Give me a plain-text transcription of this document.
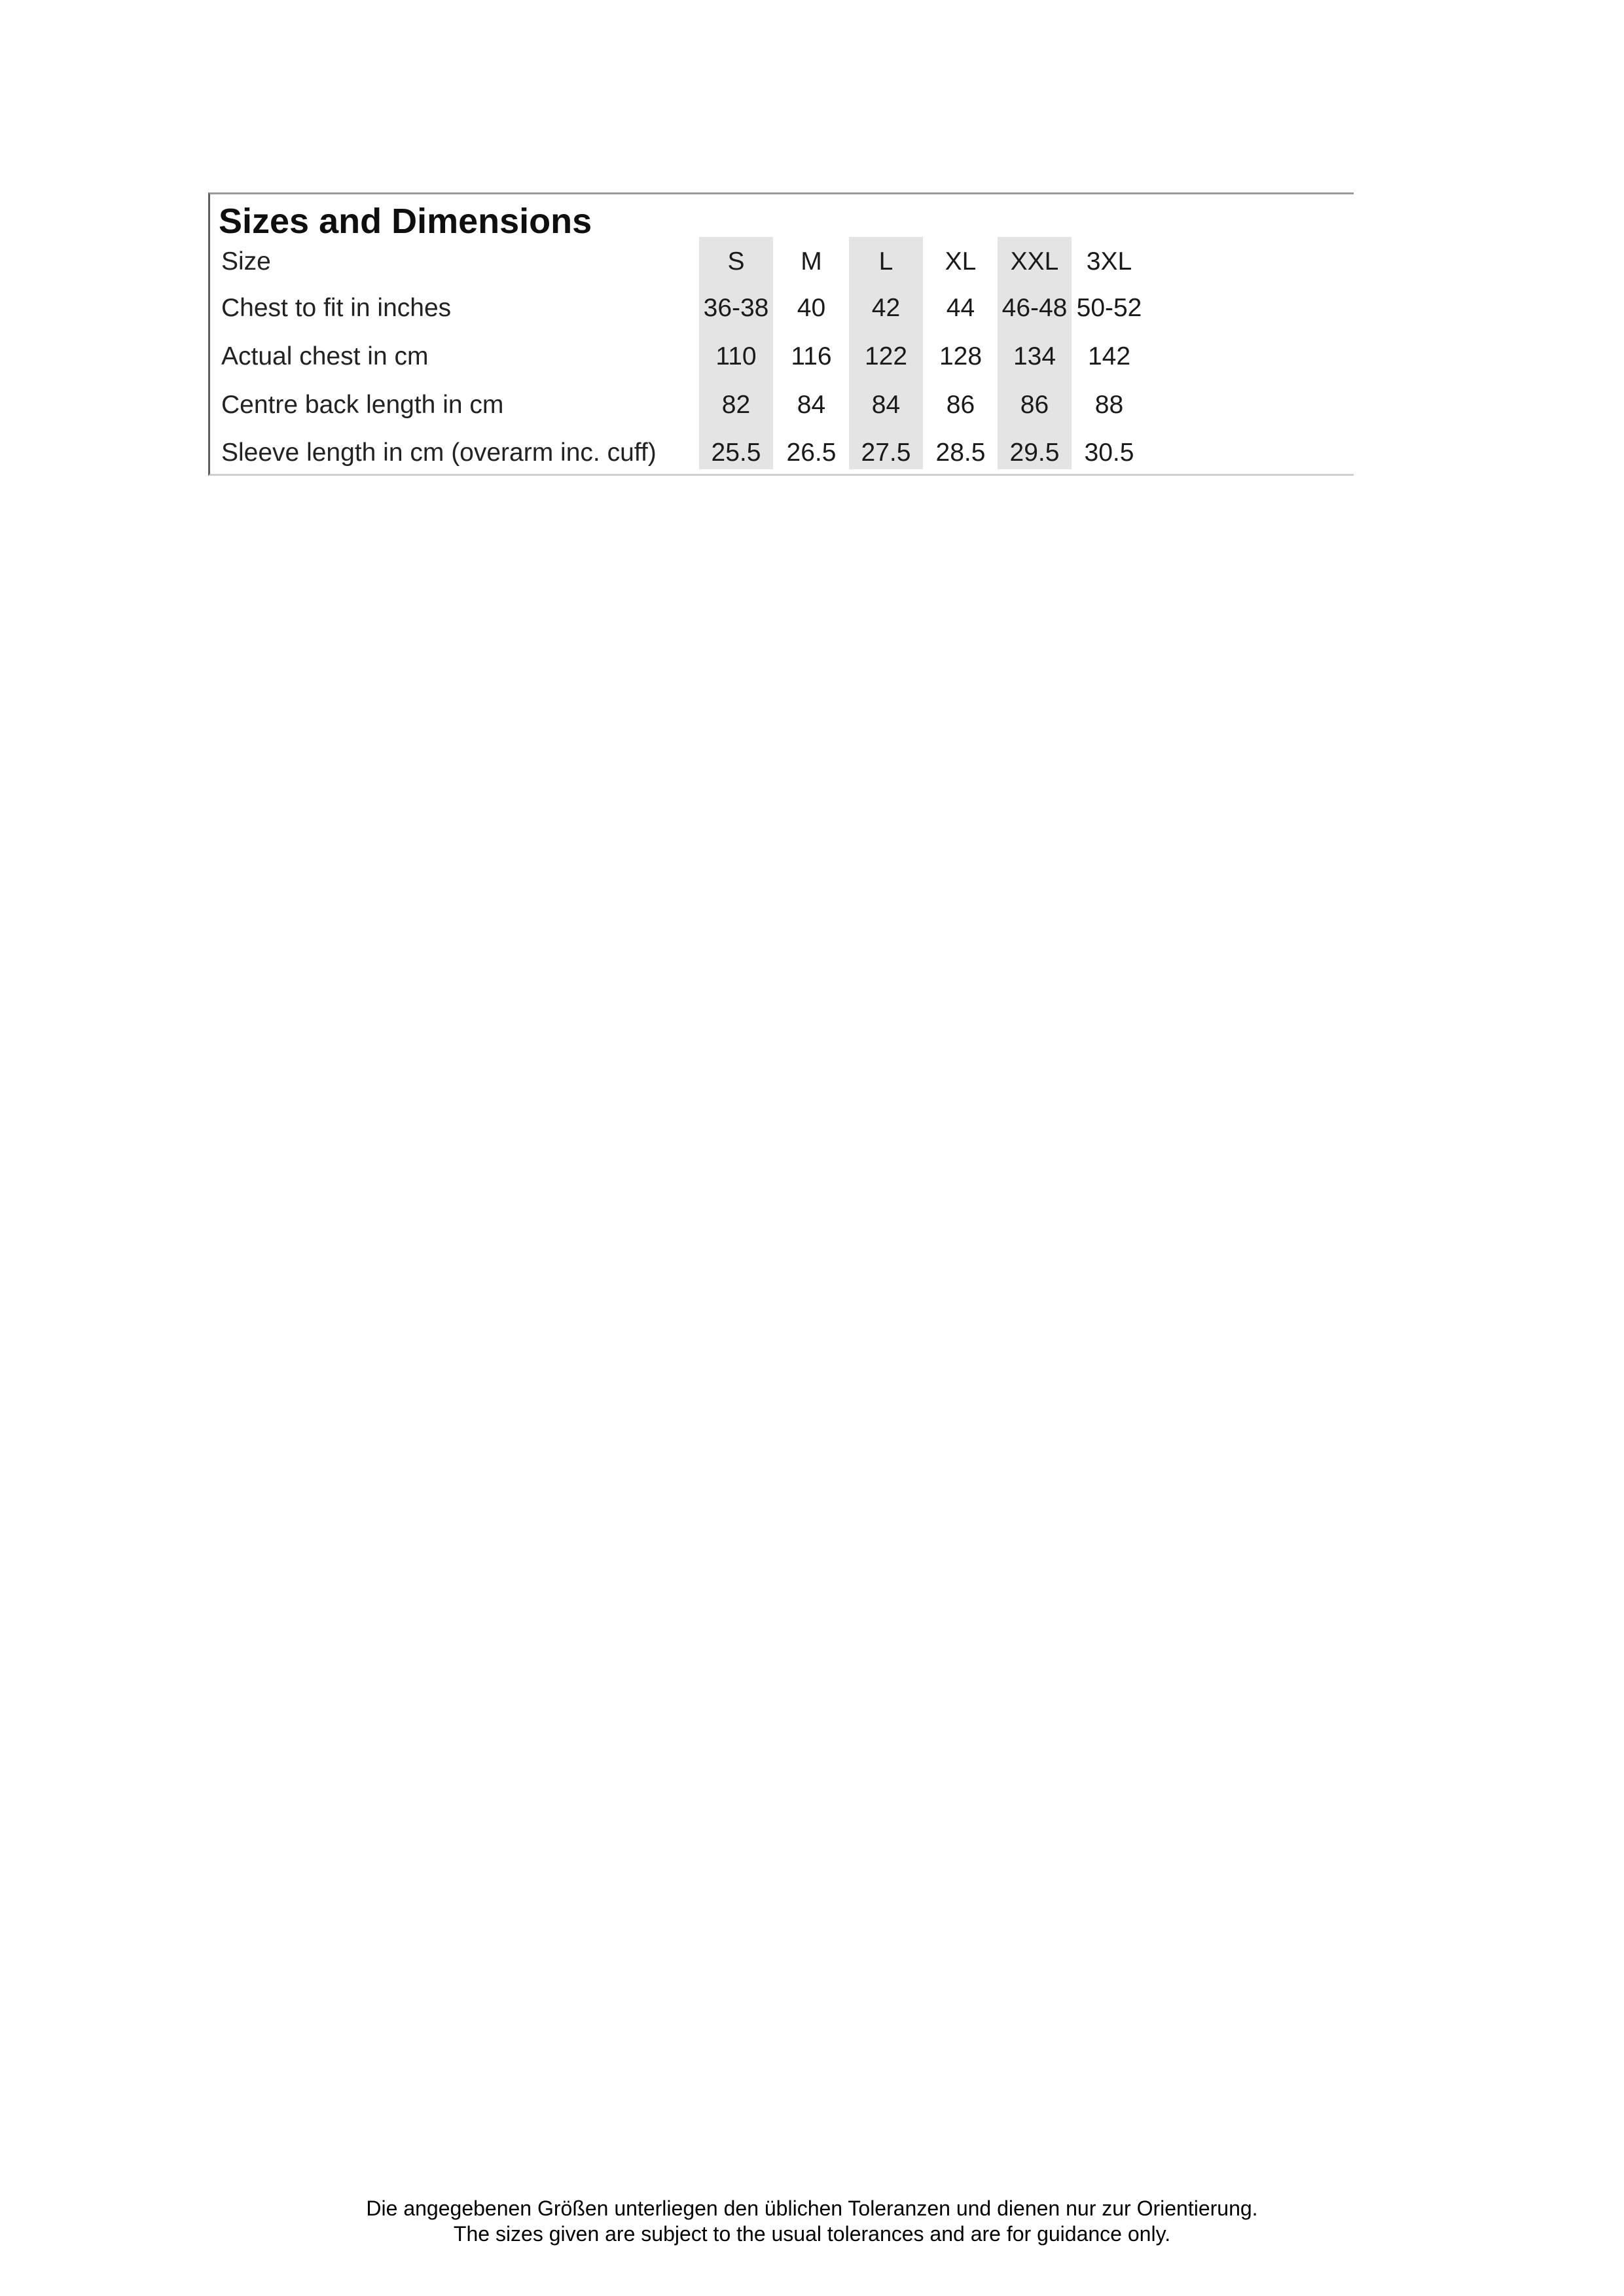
Sizes and Dimensions
Size	S	M	L	XL	XXL	3XL
Chest to fit in inches	36-38	40	42	44	46-48 50-52
Actual chest in cm	110	116	122	128	134	142
Centre back length in cm	82	84	84	86	86	88
Sleeve length in cm (overarm inc. cuff)	25.5	26.5 27.5 28.5 29.5 30.5
Die angegebenen Größen unterliegen den üblichen Toleranzen und dienen nur zur Orientierung.
The sizes given are subject to the usual tolerances and are for guidance only.
